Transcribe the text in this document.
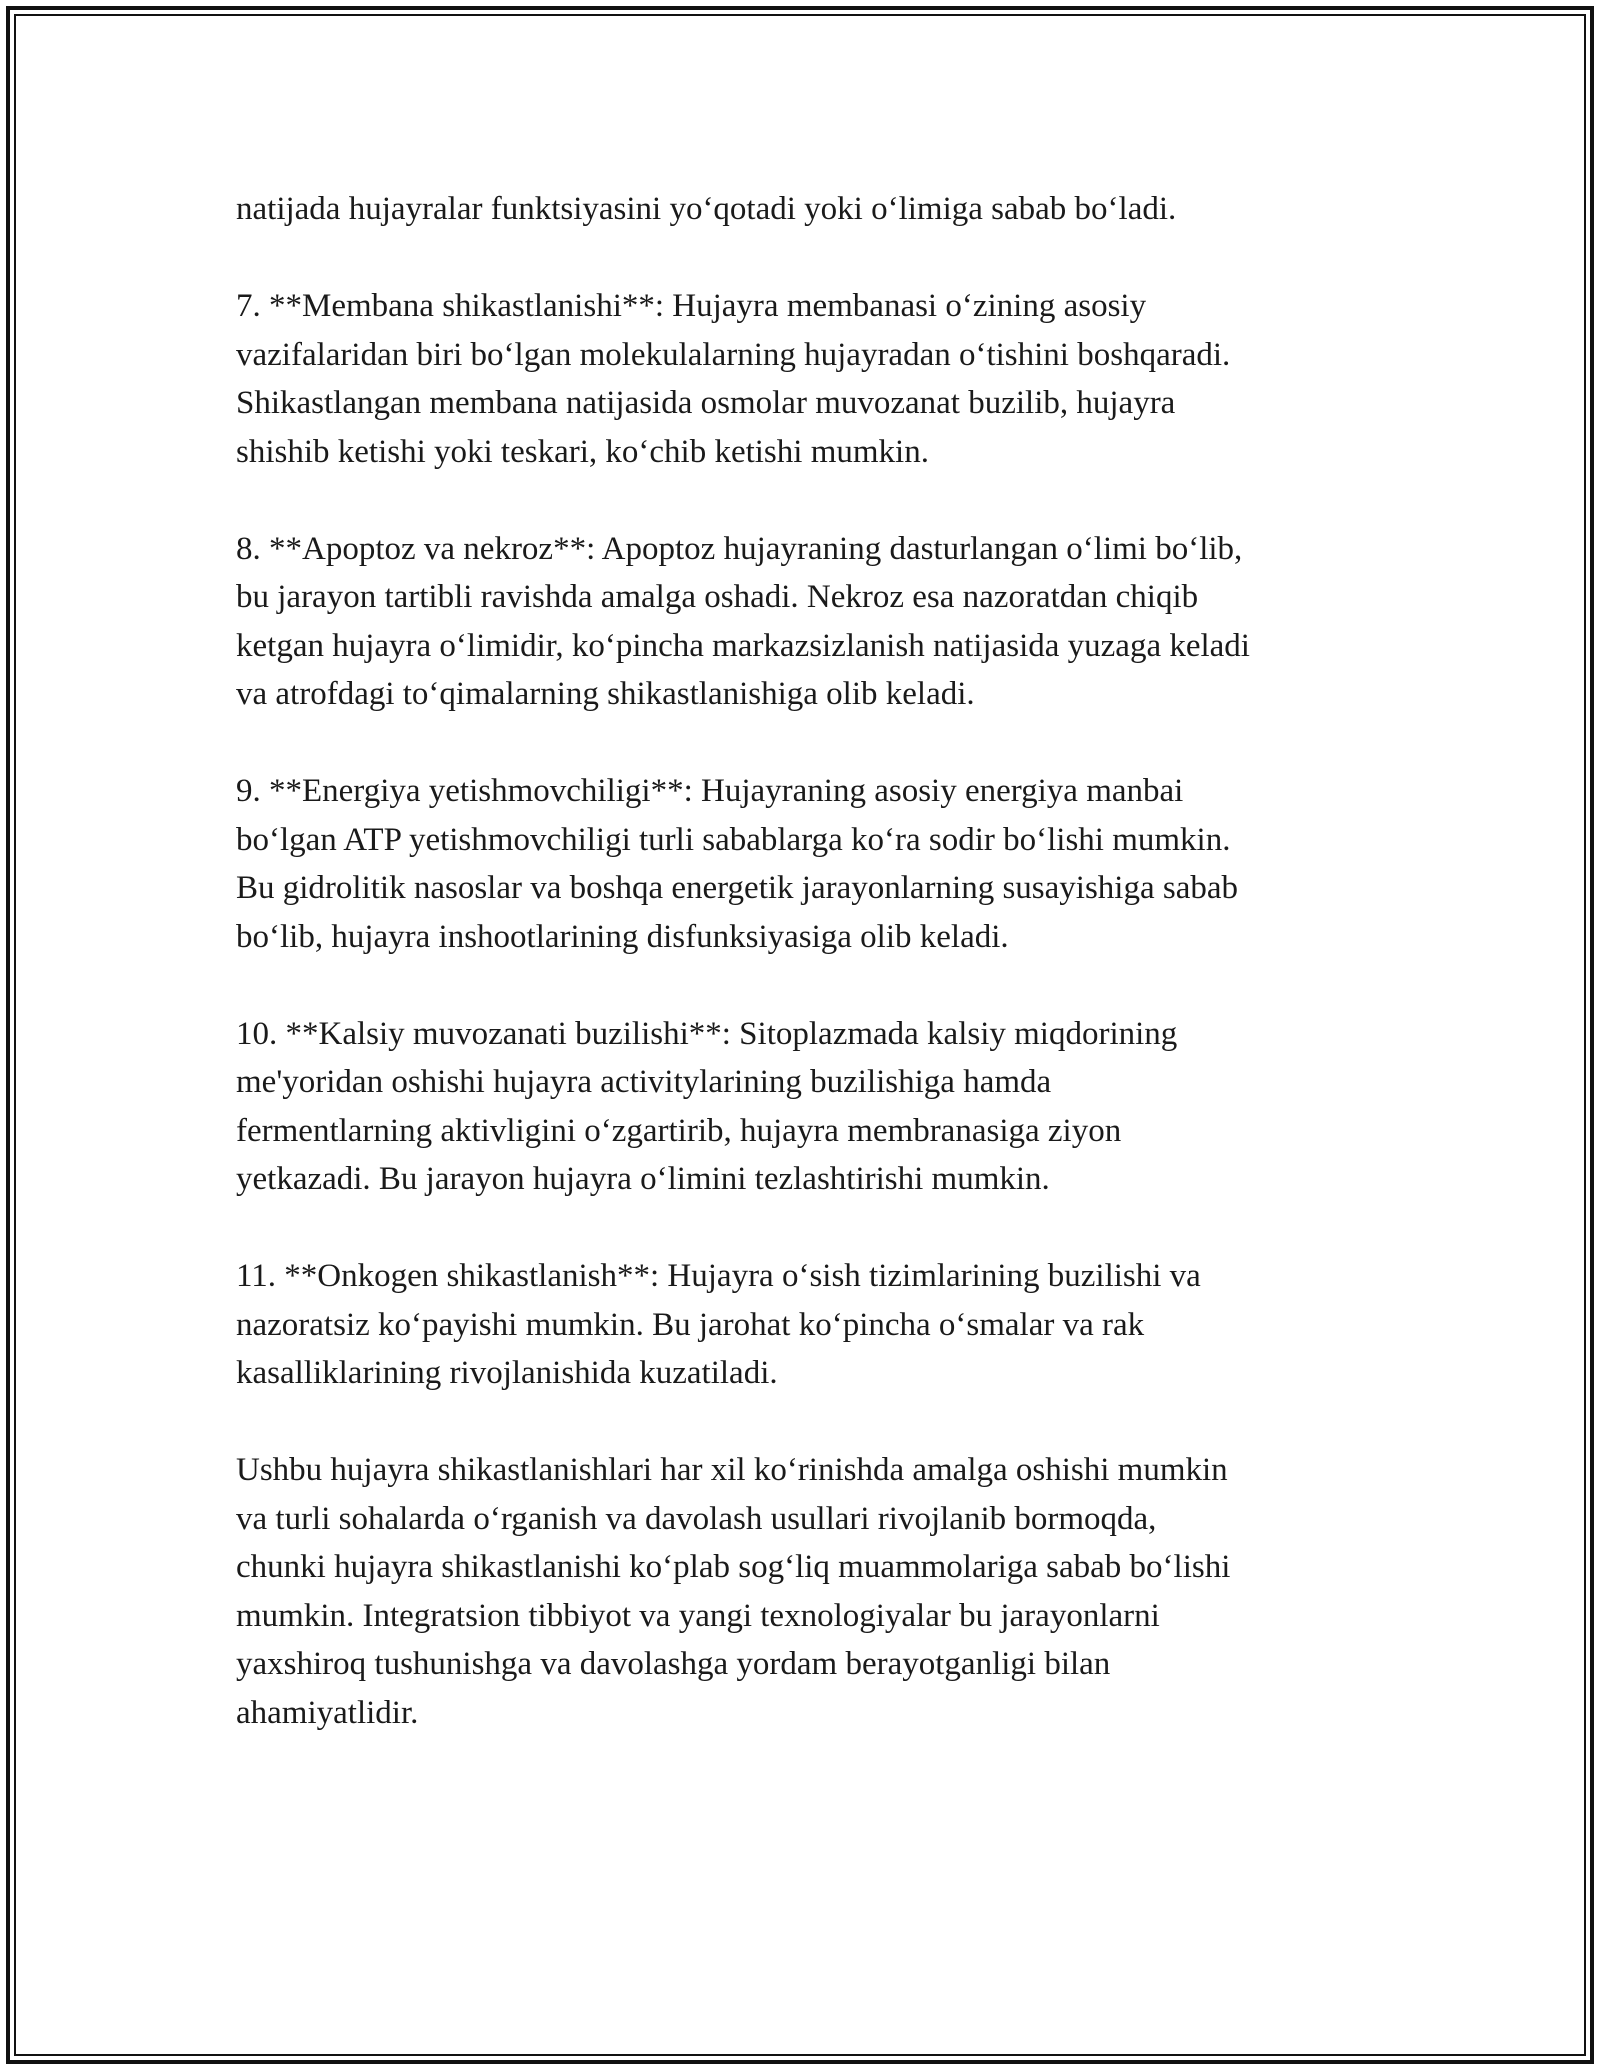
natijada hujayralar funktsiyasini yo‘qotadi yoki o‘limiga sabab bo‘ladi.

7. **Membana shikastlanishi**: Hujayra membanasi o‘zining asosiy
vazifalaridan biri bo‘lgan molekulalarning hujayradan o‘tishini boshqaradi.
Shikastlangan membana natijasida osmolar muvozanat buzilib, hujayra
shishib ketishi yoki teskari, ko‘chib ketishi mumkin.

8. **Apoptoz va nekroz**: Apoptoz hujayraning dasturlangan o‘limi bo‘lib,
bu jarayon tartibli ravishda amalga oshadi. Nekroz esa nazoratdan chiqib
ketgan hujayra o‘limidir, ko‘pincha markazsizlanish natijasida yuzaga keladi
va atrofdagi to‘qimalarning shikastlanishiga olib keladi.

9. **Energiya yetishmovchiligi**: Hujayraning asosiy energiya manbai
bo‘lgan ATP yetishmovchiligi turli sabablarga ko‘ra sodir bo‘lishi mumkin.
Bu gidrolitik nasoslar va boshqa energetik jarayonlarning susayishiga sabab
bo‘lib, hujayra inshootlarining disfunksiyasiga olib keladi.

10. **Kalsiy muvozanati buzilishi**: Sitoplazmada kalsiy miqdorining
me'yoridan oshishi hujayra activitylarining buzilishiga hamda
fermentlarning aktivligini o‘zgartirib, hujayra membranasiga ziyon
yetkazadi. Bu jarayon hujayra o‘limini tezlashtirishi mumkin.

11. **Onkogen shikastlanish**: Hujayra o‘sish tizimlarining buzilishi va
nazoratsiz ko‘payishi mumkin. Bu jarohat ko‘pincha o‘smalar va rak
kasalliklarining rivojlanishida kuzatiladi.

Ushbu hujayra shikastlanishlari har xil ko‘rinishda amalga oshishi mumkin
va turli sohalarda o‘rganish va davolash usullari rivojlanib bormoqda,
chunki hujayra shikastlanishi ko‘plab sog‘liq muammolariga sabab bo‘lishi
mumkin. Integratsion tibbiyot va yangi texnologiyalar bu jarayonlarni
yaxshiroq tushunishga va davolashga yordam berayotganligi bilan
ahamiyatlidir.
